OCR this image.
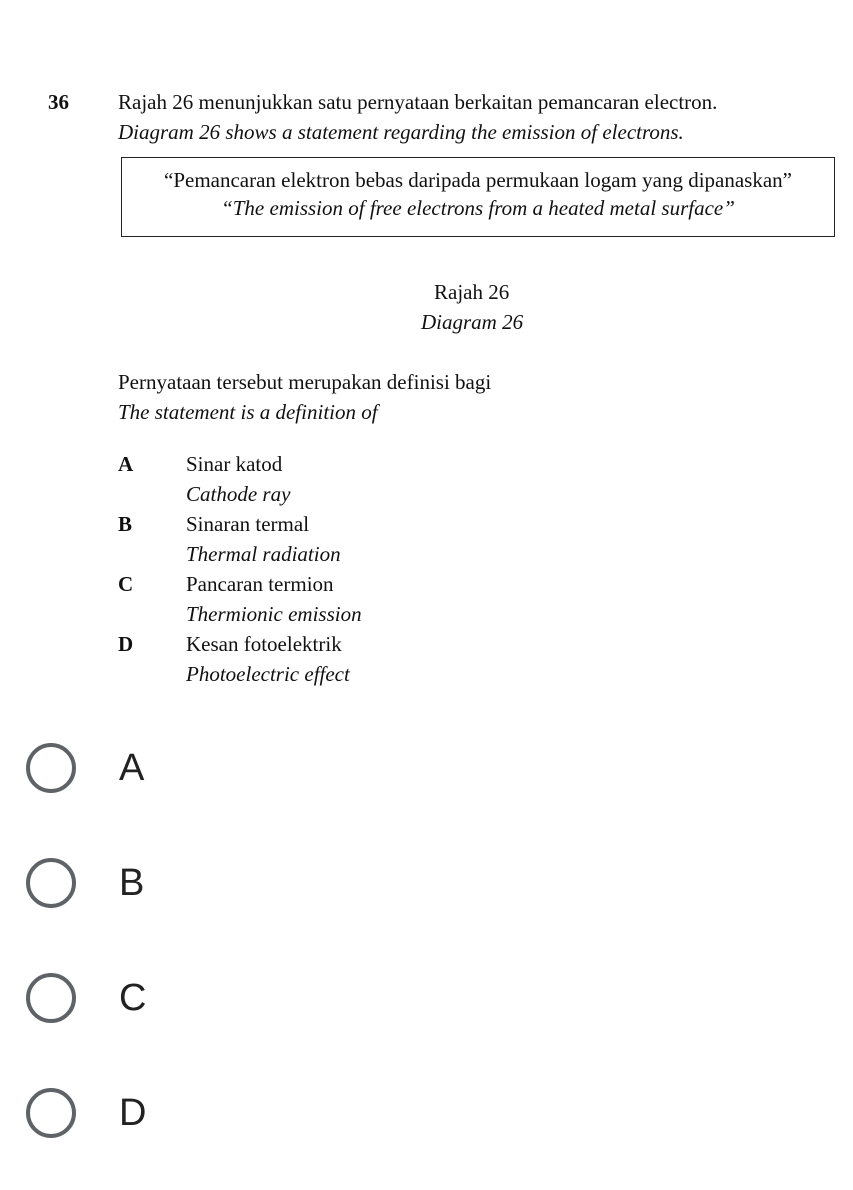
36 Rajah 26 menunjukkan satu pernyataan berkaitan pemancaran electron.
Diagram 26 shows a statement regarding the emission of electrons.
“Pemancaran elektron bebas daripada permukaan logam yang dipanaskan”
“The emission of free electrons from a heated metal surface”
Rajah 26
Diagram 26
Pernyataan tersebut merupakan definisi bagi
The statement is a definition of
A	Sinar katod
Cathode ray
B	Sinaran termal
Thermal radiation
C	Pancaran termion
Thermionic emission
D	Kesan fotoelektrik
Photoelectric effect
A
B
C
D
